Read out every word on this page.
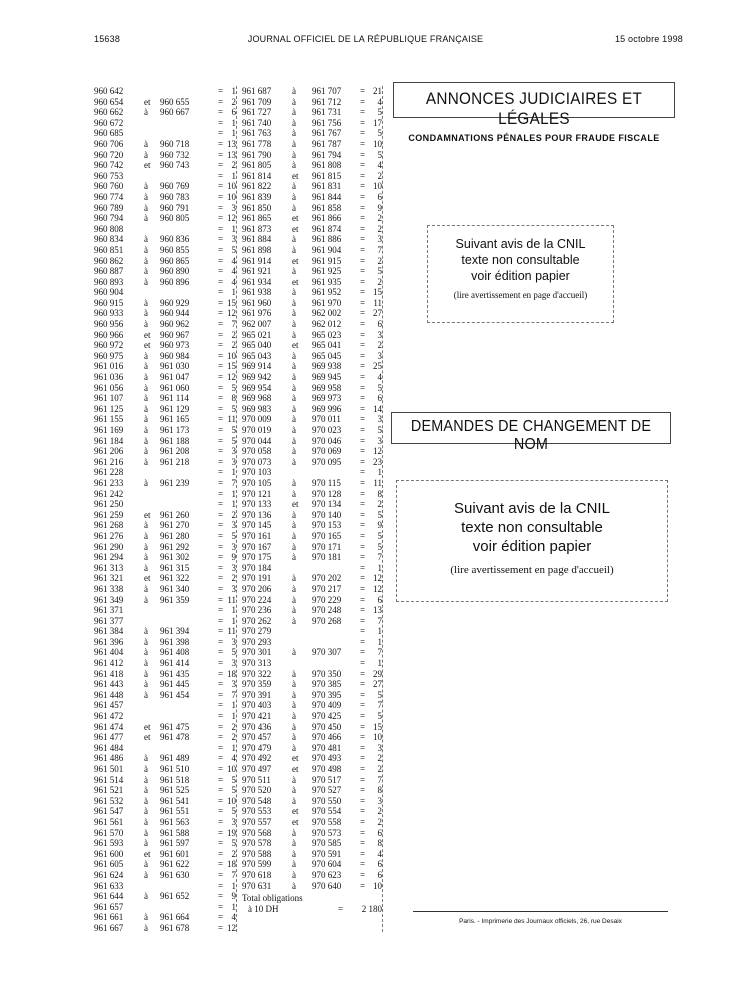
15638	JOURNAL OFFICIEL DE LA RÉPUBLIQUE FRANÇAISE	15 octobre 1998
960 642	= 1
960 654 et 960 655	= 2
960 662 à 960 667	= 6
960 672	= 1
960 685	= 1
960 706 à 960 718	= 13
960 720 à 960 732	= 13
960 742 et 960 743	= 2
960 753	= 1
960 760 à 960 769	= 10
960 774 à 960 783	= 10
960 789 à 960 791	= 3
960 794 à 960 805	= 12
960 808	= 1
960 834 à 960 836	= 3
960 851 à 960 855	= 5
960 862 à 960 865	= 4
960 887 à 960 890	= 4
960 893 à 960 896	= 4
960 904	= 1
960 915 à 960 929	= 15
960 933 à 960 944	= 12
960 956 à 960 962	= 7
960 966 et 960 967	= 2
960 972 et 960 973	= 2
960 975 à 960 984	= 10
961 016 à 961 030	= 15
961 036 à 961 047	= 12
961 056 à 961 060	= 5
961 107 à 961 114	= 8
961 125 à 961 129	= 5
961 155 à 961 165	= 11
961 169 à 961 173	= 5
961 184 à 961 188	= 5
961 206 à 961 208	= 3
961 216 à 961 218	= 3
961 228	= 1
961 233 à 961 239	= 7
961 242	= 1
961 250	= 1
961 259 et 961 260	= 2
961 268 à 961 270	= 3
961 276 à 961 280	= 5
961 290 à 961 292	= 3
961 294 à 961 302	= 9
961 313 à 961 315	= 3
961 321 et 961 322	= 2
961 338 à 961 340	= 3
961 349 à 961 359	= 11
961 371	= 1
961 377	= 1
961 384 à 961 394	= 11
961 396 à 961 398	= 3
961 404 à 961 408	= 5
961 412 à 961 414	= 3
961 418 à 961 435	= 18
961 443 à 961 445	= 3
961 448 à 961 454	= 7
961 457	= 1
961 472	= 1
961 474 et 961 475	= 2
961 477 et 961 478	= 2
961 484	= 1
961 486 à 961 489	= 4
961 501 à 961 510	= 10
961 514 à 961 518	= 5
961 521 à 961 525	= 5
961 532 à 961 541	= 10
961 547 à 961 551	= 5
961 561 à 961 563	= 3
961 570 à 961 588	= 19
961 593 à 961 597	= 5
961 600 et 961 601	= 2
961 605 à 961 622	= 18
961 624 à 961 630	= 7
961 633	= 1
961 644 à 961 652	= 9
961 657	= 1
961 661 à 961 664	= 4
961 667 à 961 678	= 12
961 687 à 961 707 = 21
961 709 à 961 712 = 4
961 727 à 961 731 = 5
961 740 à 961 756 = 17
961 763 à 961 767 = 5
961 778 à 961 787 = 10
961 790 à 961 794 = 5
961 805 à 961 808 = 4
961 814 et 961 815 = 2
961 822 à 961 831 = 10
961 839 à 961 844 = 6
961 850 à 961 858 = 9
961 865 et 961 866 = 2
961 873 et 961 874 = 2
961 884 à 961 886 = 3
961 898 à 961 904 = 7
961 914 et 961 915 = 2
961 921 à 961 925 = 5
961 934 et 961 935 = 2
961 938 à 961 952 = 15
961 960 à 961 970 = 11
961 976 à 962 002 = 27
962 007 à 962 012 = 6
965 021 à 965 023 = 3
965 040 et 965 041 = 2
965 043 à 965 045 = 3
969 914 à 969 938 = 25
969 942 à 969 945 = 4
969 954 à 969 958 = 5
969 968 à 969 973 = 6
969 983 à 969 996 = 14
970 009 à 970 011 = 3
970 019 à 970 023 = 5
970 044 à 970 046 = 3
970 058 à 970 069 = 12
970 073 à 970 095 = 23
970 103	= 1
970 105 à 970 115 = 11
970 121 à 970 128 = 8
970 133 et 970 134 = 2
970 136 à 970 140 = 5
970 145 à 970 153 = 9
970 161 à 970 165 = 5
970 167 à 970 171 = 5
970 175 à 970 181 = 7
970 184	= 1
970 191 à 970 202 = 12
970 206 à 970 217 = 12
970 224 à 970 229 = 6
970 236 à 970 248 = 13
970 262 à 970 268 = 7
970 279	= 1
970 293	= 1
970 301 à 970 307 = 7
970 313	= 1
970 322 à 970 350 = 29
970 359 à 970 385 = 27
970 391 à 970 395 = 5
970 403 à 970 409 = 7
970 421 à 970 425 = 5
970 436 à 970 450 = 15
970 457 à 970 466 = 10
970 479 à 970 481 = 3
970 492 et 970 493 = 2
970 497 et 970 498 = 2
970 511 à 970 517 = 7
970 520 à 970 527 = 8
970 548 à 970 550 = 3
970 553 et 970 554 = 2
970 557 et 970 558 = 2
970 568 à 970 573 = 6
970 578 à 970 585 = 8
970 588 à 970 591 = 4
970 599 à 970 604 = 6
970 618 à 970 623 = 6
970 631 à 970 640 = 10
Total obligations
à 10 DH	= 2 180
ANNONCES JUDICIAIRES ET LÉGALES
CONDAMNATIONS PÉNALES POUR FRAUDE FISCALE
Suivant avis de la CNIL
texte non consultable
voir édition papier
(lire avertissement en page d'accueil)
DEMANDES DE CHANGEMENT DE NOM
Suivant avis de la CNIL
texte non consultable
voir édition papier
(lire avertissement en page d'accueil)
Paris. - Imprimerie des Journaux officiels, 26, rue Desaix
